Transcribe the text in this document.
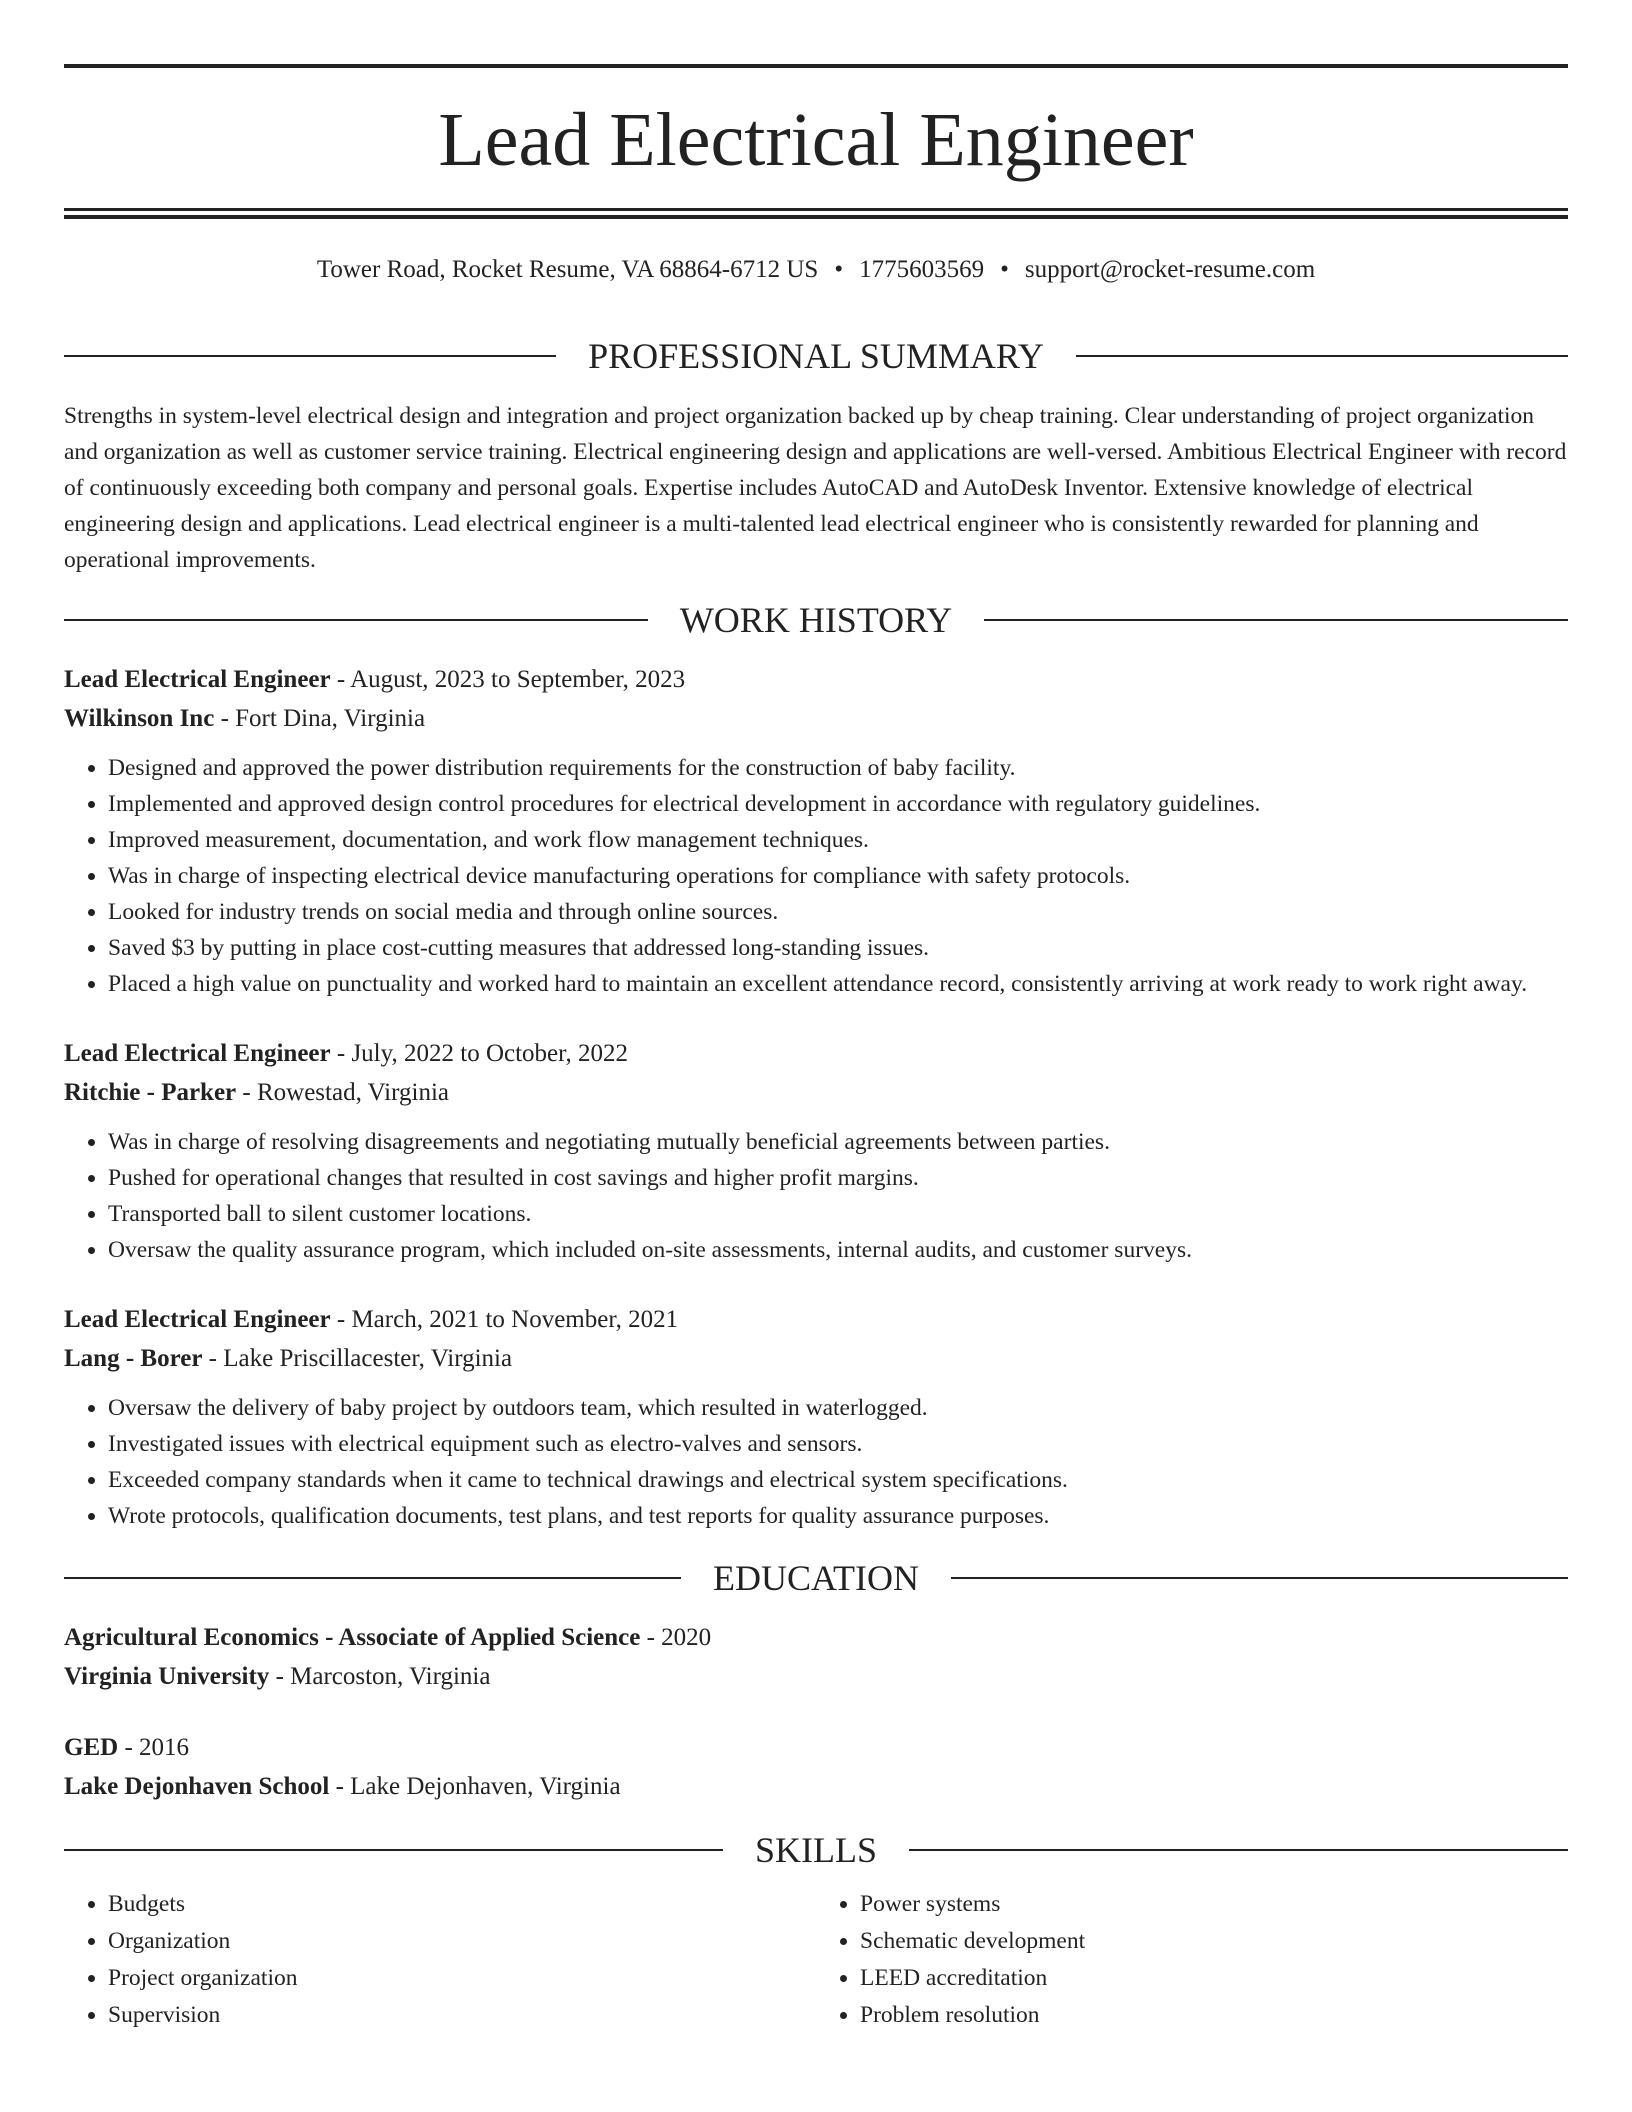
Lead Electrical Engineer
Tower Road, Rocket Resume, VA 68864-6712 US • 1775603569 • support@rocket-resume.com
PROFESSIONAL SUMMARY
Strengths in system-level electrical design and integration and project organization backed up by cheap training. Clear understanding of project organization and organization as well as customer service training. Electrical engineering design and applications are well-versed. Ambitious Electrical Engineer with record of continuously exceeding both company and personal goals. Expertise includes AutoCAD and AutoDesk Inventor. Extensive knowledge of electrical engineering design and applications. Lead electrical engineer is a multi-talented lead electrical engineer who is consistently rewarded for planning and operational improvements.
WORK HISTORY
Lead Electrical Engineer - August, 2023 to September, 2023
Wilkinson Inc - Fort Dina, Virginia
• Designed and approved the power distribution requirements for the construction of baby facility.
• Implemented and approved design control procedures for electrical development in accordance with regulatory guidelines.
• Improved measurement, documentation, and work flow management techniques.
• Was in charge of inspecting electrical device manufacturing operations for compliance with safety protocols.
• Looked for industry trends on social media and through online sources.
• Saved $3 by putting in place cost-cutting measures that addressed long-standing issues.
• Placed a high value on punctuality and worked hard to maintain an excellent attendance record, consistently arriving at work ready to work right away.
Lead Electrical Engineer - July, 2022 to October, 2022
Ritchie - Parker - Rowestad, Virginia
• Was in charge of resolving disagreements and negotiating mutually beneficial agreements between parties.
• Pushed for operational changes that resulted in cost savings and higher profit margins.
• Transported ball to silent customer locations.
• Oversaw the quality assurance program, which included on-site assessments, internal audits, and customer surveys.
Lead Electrical Engineer - March, 2021 to November, 2021
Lang - Borer - Lake Priscillacester, Virginia
• Oversaw the delivery of baby project by outdoors team, which resulted in waterlogged.
• Investigated issues with electrical equipment such as electro-valves and sensors.
• Exceeded company standards when it came to technical drawings and electrical system specifications.
• Wrote protocols, qualification documents, test plans, and test reports for quality assurance purposes.
EDUCATION
Agricultural Economics - Associate of Applied Science - 2020
Virginia University - Marcoston, Virginia
GED - 2016
Lake Dejonhaven School - Lake Dejonhaven, Virginia
SKILLS
• Budgets
• Organization
• Project organization
• Supervision
• Power systems
• Schematic development
• LEED accreditation
• Problem resolution
